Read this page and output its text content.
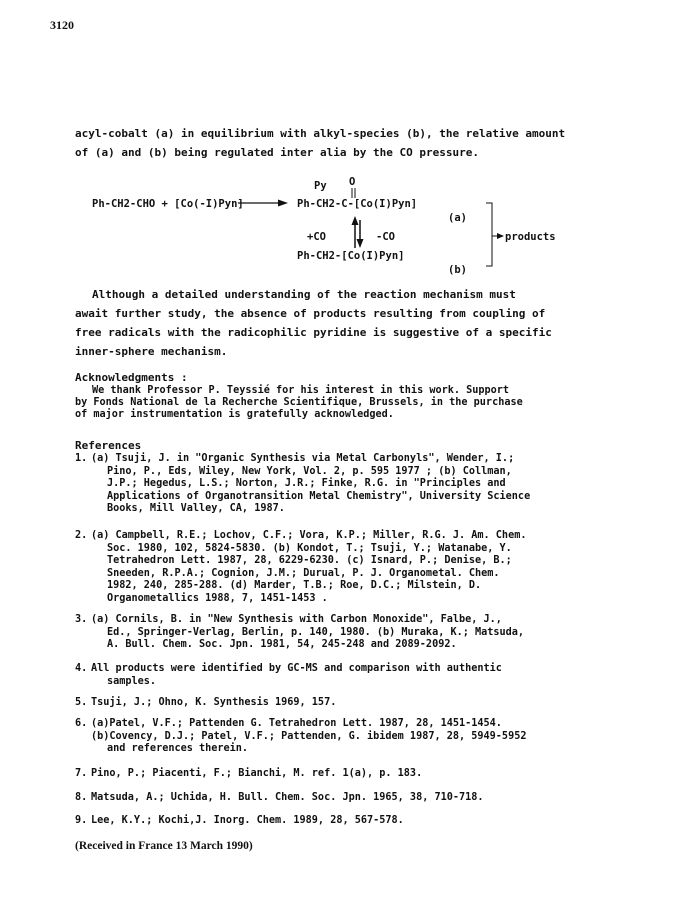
3120
acyl-cobalt (a) in equilibrium with alkyl-species (b), the relative amount
of (a) and (b) being regulated inter alia by the CO pressure.
O
Py
Ph-CH2-CHO + [Co(-I)Pyn]	Ph-CH2-C-[Co(I)Pyn]
(a)
+CO	-CO	products
Ph-CH2-[Co(I)Pyn]
(b)
Although a detailed understanding of the reaction mechanism must
await further study, the absence of products resulting from coupling of
free radicals with the radicophilic pyridine is suggestive of a specific
inner-sphere mechanism.
Acknowledgments :
We thank Professor P. Teyssié for his interest in this work. Support
by Fonds National de la Recherche Scientifique, Brussels, in the purchase
of major instrumentation is gratefully acknowledged.
References
1. (a) Tsuji, J. in "Organic Synthesis via Metal Carbonyls", Wender, I.;
Pino, P., Eds, Wiley, New York, Vol. 2, p. 595 1977 ; (b) Collman,
J.P.; Hegedus, L.S.; Norton, J.R.; Finke, R.G. in "Principles and
Applications of Organotransition Metal Chemistry", University Science
Books, Mill Valley, CA, 1987.
2. (a) Campbell, R.E.; Lochov, C.F.; Vora, K.P.; Miller, R.G. J. Am. Chem.
Soc. 1980, 102, 5824-5830. (b) Kondot, T.; Tsuji, Y.; Watanabe, Y.
Tetrahedron Lett. 1987, 28, 6229-6230. (c) Isnard, P.; Denise, B.;
Sneeden, R.P.A.; Cognion, J.M.; Durual, P. J. Organometal. Chem.
1982, 240, 285-288. (d) Marder, T.B.; Roe, D.C.; Milstein, D.
Organometallics 1988, 7, 1451-1453 .
3. (a) Cornils, B. in "New Synthesis with Carbon Monoxide", Falbe, J.,
Ed., Springer-Verlag, Berlin, p. 140, 1980. (b) Muraka, K.; Matsuda,
A. Bull. Chem. Soc. Jpn. 1981, 54, 245-248 and 2089-2092.
4. All products were identified by GC-MS and comparison with authentic
samples.
5. Tsuji, J.; Ohno, K. Synthesis 1969, 157.
6. (a)Patel, V.F.; Pattenden G. Tetrahedron Lett. 1987, 28, 1451-1454.
(b)Covency, D.J.; Patel, V.F.; Pattenden, G. ibidem 1987, 28, 5949-5952
and references therein.
7. Pino, P.; Piacenti, F.; Bianchi, M. ref. 1(a), p. 183.
8. Matsuda, A.; Uchida, H. Bull. Chem. Soc. Jpn. 1965, 38, 710-718.
9. Lee, K.Y.; Kochi,J. Inorg. Chem. 1989, 28, 567-578.
(Received in France 13 March 1990)
